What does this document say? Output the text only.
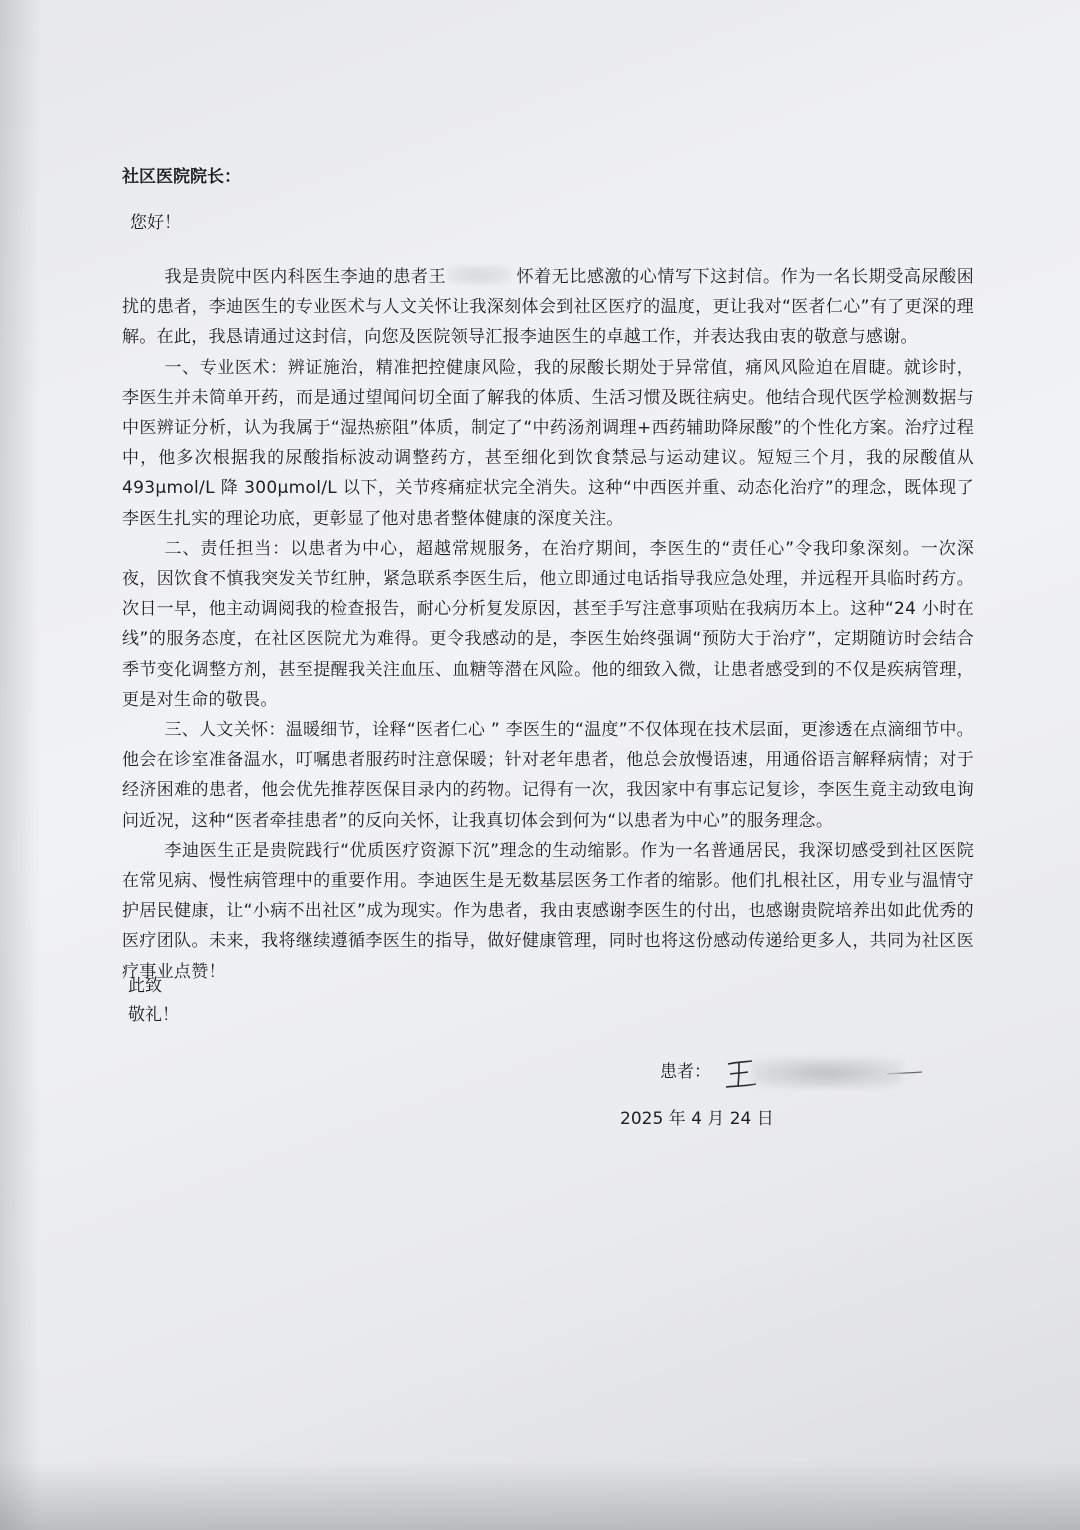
社区医院院长：

您好！

我是贵院中医内科医生李迪的患者王	怀着无比感激的心情写下这封信。作为一名长期受高尿酸困扰的患者，李迪医生的专业医术与人文关怀让我深刻体会到社区医疗的温度，更让我对“医者仁心”有了更深的理解。在此，我恳请通过这封信，向您及医院领导汇报李迪医生的卓越工作，并表达我由衷的敬意与感谢。

一、专业医术：辨证施治，精准把控健康风险，我的尿酸长期处于异常值，痛风风险迫在眉睫。就诊时，李医生并未简单开药，而是通过望闻问切全面了解我的体质、生活习惯及既往病史。他结合现代医学检测数据与中医辨证分析，认为我属于“湿热瘀阻”体质，制定了“中药汤剂调理+西药辅助降尿酸”的个性化方案。治疗过程中，他多次根据我的尿酸指标波动调整药方，甚至细化到饮食禁忌与运动建议。短短三个月，我的尿酸值从 493μmol/L 降 300μmol/L 以下，关节疼痛症状完全消失。这种“中西医并重、动态化治疗”的理念，既体现了李医生扎实的理论功底，更彰显了他对患者整体健康的深度关注。

二、责任担当：以患者为中心，超越常规服务，在治疗期间，李医生的“责任心”令我印象深刻。一次深夜，因饮食不慎我突发关节红肿，紧急联系李医生后，他立即通过电话指导我应急处理，并远程开具临时药方。次日一早，他主动调阅我的检查报告，耐心分析复发原因，甚至手写注意事项贴在我病历本上。这种“24 小时在线”的服务态度，在社区医院尤为难得。更令我感动的是，李医生始终强调“预防大于治疗”，定期随访时会结合季节变化调整方剂，甚至提醒我关注血压、血糖等潜在风险。他的细致入微，让患者感受到的不仅是疾病管理，更是对生命的敬畏。

三、人文关怀：温暖细节，诠释“医者仁心 ” 李医生的“温度”不仅体现在技术层面，更渗透在点滴细节中。他会在诊室准备温水，叮嘱患者服药时注意保暖；针对老年患者，他总会放慢语速，用通俗语言解释病情；对于经济困难的患者，他会优先推荐医保目录内的药物。记得有一次，我因家中有事忘记复诊，李医生竟主动致电询问近况，这种“医者牵挂患者”的反向关怀，让我真切体会到何为“以患者为中心”的服务理念。

李迪医生正是贵院践行“优质医疗资源下沉”理念的生动缩影。作为一名普通居民，我深切感受到社区医院在常见病、慢性病管理中的重要作用。李迪医生是无数基层医务工作者的缩影。他们扎根社区，用专业与温情守护居民健康，让“小病不出社区”成为现实。作为患者，我由衷感谢李医生的付出，也感谢贵院培养出如此优秀的医疗团队。未来，我将继续遵循李医生的指导，做好健康管理，同时也将这份感动传递给更多人，共同为社区医疗事业点赞！

此致
敬礼！
患者：
2025 年 4 月 24 日
